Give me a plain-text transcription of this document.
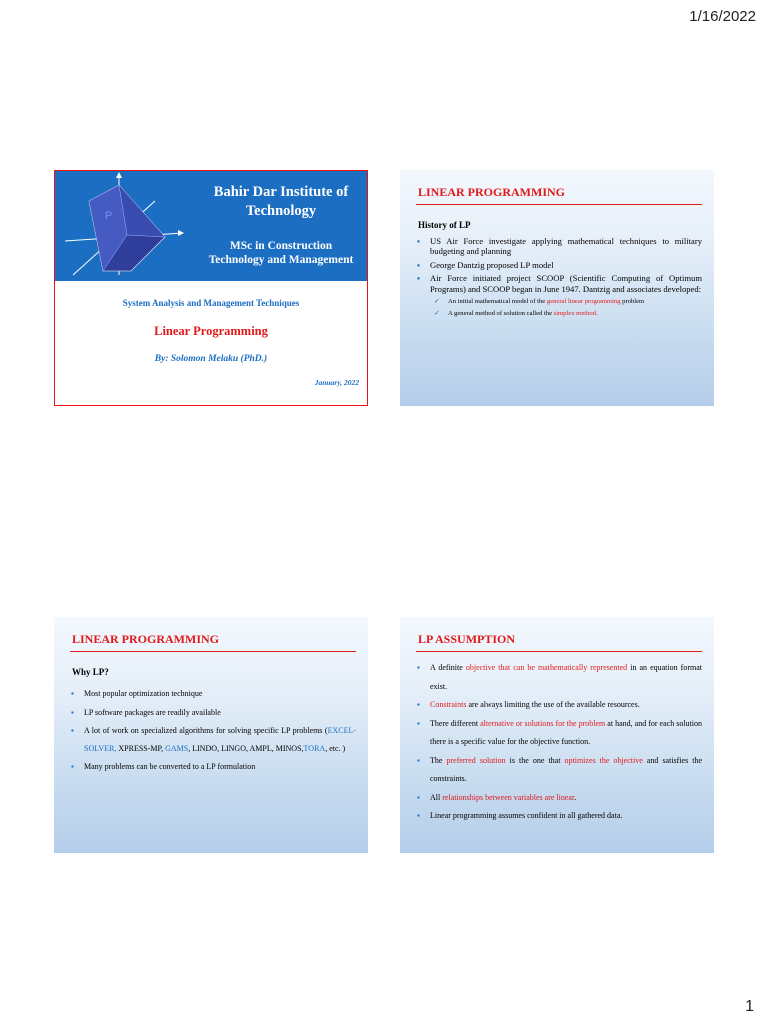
1/16/2022
P
Bahir Dar Institute of Technology
MSc in Construction Technology and Management
System Analysis and Management Techniques
Linear Programming
By: Solomon Melaku (PhD.)
January, 2022
LINEAR PROGRAMMING
History of LP
▪ US Air Force investigate applying mathematical techniques to military budgeting and planning
▪ George Dantzig proposed LP model
▪ Air Force initiated project SCOOP (Scientific Computing of Optimum Programs) and SCOOP began in June 1947. Dantzig and associates developed:
✓ An initial mathematical model of the general linear programming problem
✓ A general method of solution called the simplex method.
LINEAR PROGRAMMING
Why LP?
▪ Most popular optimization technique
▪ LP software packages are readily available
▪ A lot of work on specialized algorithms for solving specific LP problems (EXCEL-SOLVER, XPRESS-MP, GAMS, LINDO, LINGO, AMPL, MINOS,TORA, etc. )
▪ Many problems can be converted to a LP formulation
LP ASSUMPTION
▪ A definite objective that can be mathematically represented in an equation format exist.
▪ Constraints are always limiting the use of the available resources.
▪ There different alternative or solutions for the problem at hand, and for each solution there is a specific value for the objective function.
▪ The preferred solution is the one that optimizes the objective and satisfies the constraints.
▪ All relationships between variables are linear.
▪ Linear programming assumes confident in all gathered data.
1
